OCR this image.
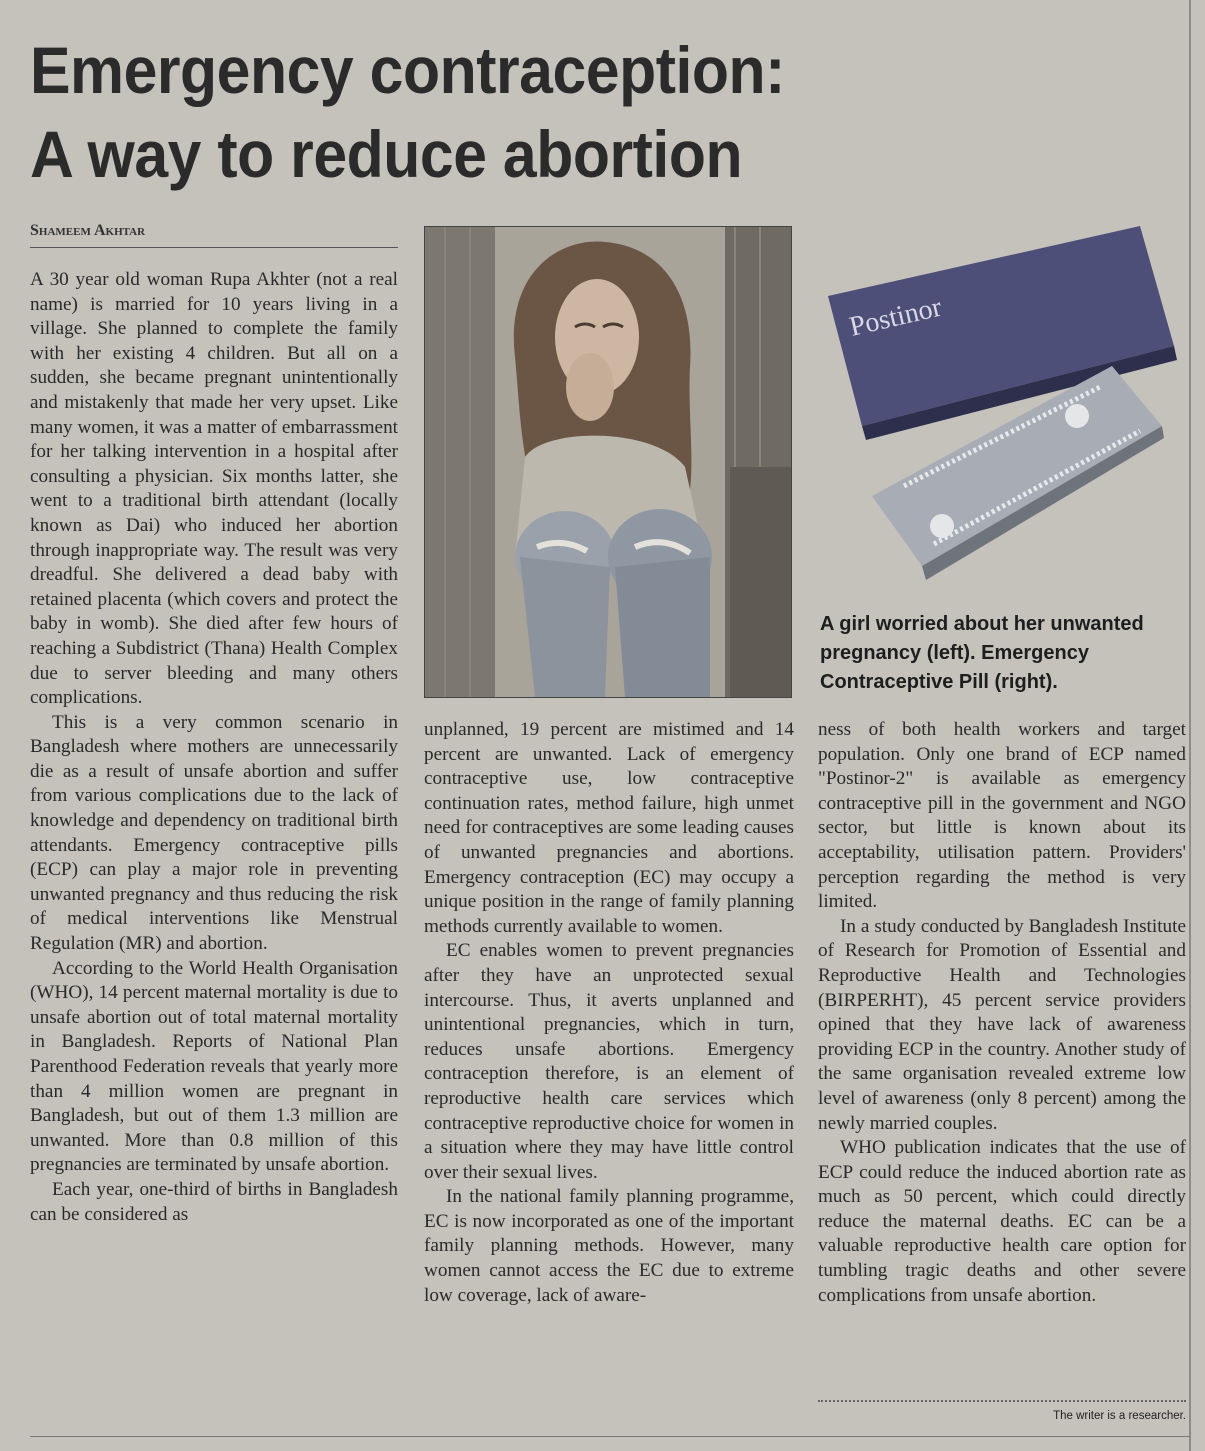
Emergency contraception:
A way to reduce abortion
Shameem Akhtar

A 30 year old woman Rupa Akhter (not a real name) is married for 10 years living in a village. She planned to complete the family with her existing 4 children. But all on a sudden, she became pregnant unintentionally and mistakenly that made her very upset. Like many women, it was a matter of embarrassment for her talking intervention in a hospital after consulting a physician. Six months latter, she went to a traditional birth attendant (locally known as Dai) who induced her abortion through inappropriate way. The result was very dreadful. She delivered a dead baby with retained placenta (which covers and protect the baby in womb). She died after few hours of reaching a Subdistrict (Thana) Health Complex due to server bleeding and many others complications.

This is a very common scenario in Bangladesh where mothers are unnecessarily die as a result of unsafe abortion and suffer from various complications due to the lack of knowledge and dependency on traditional birth attendants. Emergency contraceptive pills (ECP) can play a major role in preventing unwanted pregnancy and thus reducing the risk of medical interventions like Menstrual Regulation (MR) and abortion.

According to the World Health Organisation (WHO), 14 percent maternal mortality is due to unsafe abortion out of total maternal mortality in Bangladesh. Reports of National Plan Parenthood Federation reveals that yearly more than 4 million women are pregnant in Bangladesh, but out of them 1.3 million are unwanted. More than 0.8 million of this pregnancies are terminated by unsafe abortion.

Each year, one-third of births in Bangladesh can be considered as

Postinor
A girl worried about her unwanted pregnancy (left). Emergency Contraceptive Pill (right).

unplanned, 19 percent are mistimed and 14 percent are unwanted. Lack of emergency contraceptive use, low contraceptive continuation rates, method failure, high unmet need for contraceptives are some leading causes of unwanted pregnancies and abortions. Emergency contraception (EC) may occupy a unique position in the range of family planning methods currently available to women.

EC enables women to prevent pregnancies after they have an unprotected sexual intercourse. Thus, it averts unplanned and unintentional pregnancies, which in turn, reduces unsafe abortions. Emergency contraception therefore, is an element of reproductive health care services which contraceptive reproductive choice for women in a situation where they may have little control over their sexual lives.

In the national family planning programme, EC is now incorporated as one of the important family planning methods. However, many women cannot access the EC due to extreme low coverage, lack of aware-

ness of both health workers and target population. Only one brand of ECP named "Postinor-2" is available as emergency contraceptive pill in the government and NGO sector, but little is known about its acceptability, utilisation pattern. Providers' perception regarding the method is very limited.

In a study conducted by Bangladesh Institute of Research for Promotion of Essential and Reproductive Health and Technologies (BIRPERHT), 45 percent service providers opined that they have lack of awareness providing ECP in the country. Another study of the same organisation revealed extreme low level of awareness (only 8 percent) among the newly married couples.

WHO publication indicates that the use of ECP could reduce the induced abortion rate as much as 50 percent, which could directly reduce the maternal deaths. EC can be a valuable reproductive health care option for tumbling tragic deaths and other severe complications from unsafe abortion.

The writer is a researcher.
